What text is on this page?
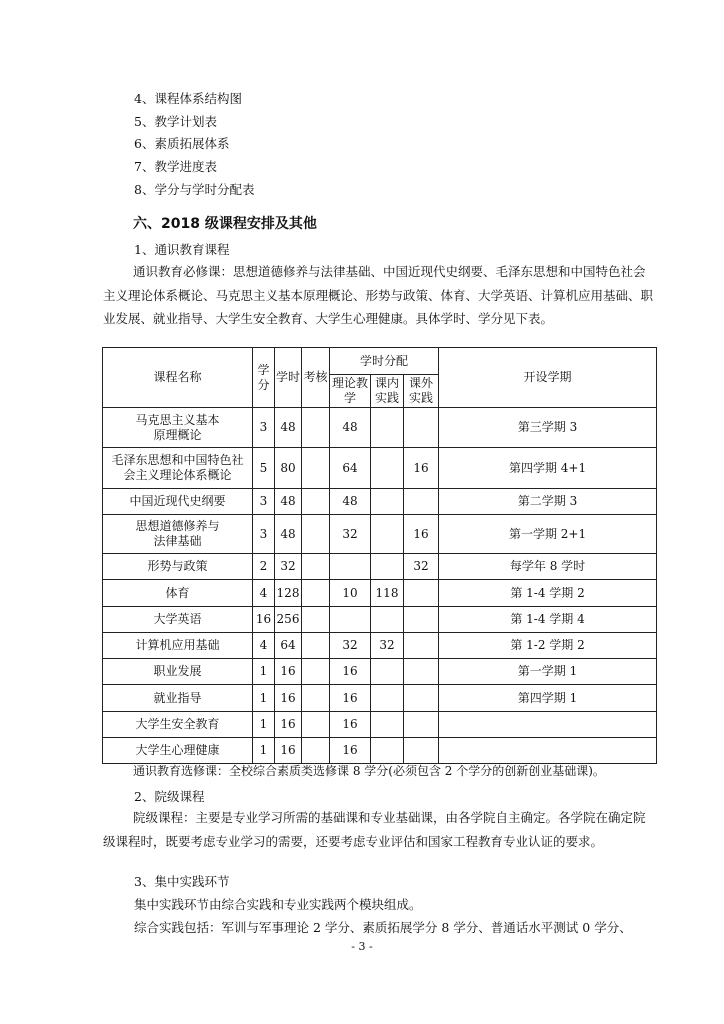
4、课程体系结构图
5、教学计划表
6、素质拓展体系
7、教学进度表
8、学分与学时分配表
六、2018 级课程安排及其他
1、通识教育课程
通识教育必修课：思想道德修养与法律基础、中国近现代史纲要、毛泽东思想和中国特色社会主义理论体系概论、马克思主义基本原理概论、形势与政策、体育、大学英语、计算机应用基础、职业发展、就业指导、大学生安全教育、大学生心理健康。具体学时、学分见下表。
课程名称	学分	学时	考核	学时分配			开设学期
				理论教学	课内实践	课外实践	
马克思主义基本原理概论	3	48		48			第三学期 3
毛泽东思想和中国特色社会主义理论体系概论	5	80		64		16	第四学期 4+1
中国近现代史纲要	3	48		48			第二学期 3
思想道德修养与法律基础	3	48		32		16	第一学期 2+1
形势与政策	2	32				32	每学年 8 学时
体育	4	128		10	118		第 1-4 学期 2
大学英语	16	256					第 1-4 学期 4
计算机应用基础	4	64		32	32		第 1-2 学期 2
职业发展	1	16		16			第一学期 1
就业指导	1	16		16			第四学期 1
大学生安全教育	1	16		16			
大学生心理健康	1	16		16			
通识教育选修课：全校综合素质类选修课 8 学分(必须包含 2 个学分的创新创业基础课)。
2、院级课程
院级课程：主要是专业学习所需的基础课和专业基础课，由各学院自主确定。各学院在确定院级课程时，既要考虑专业学习的需要，还要考虑专业评估和国家工程教育专业认证的要求。
3、集中实践环节
集中实践环节由综合实践和专业实践两个模块组成。
综合实践包括：军训与军事理论 2 学分、素质拓展学分 8 学分、普通话水平测试 0 学分、
- 3 -
